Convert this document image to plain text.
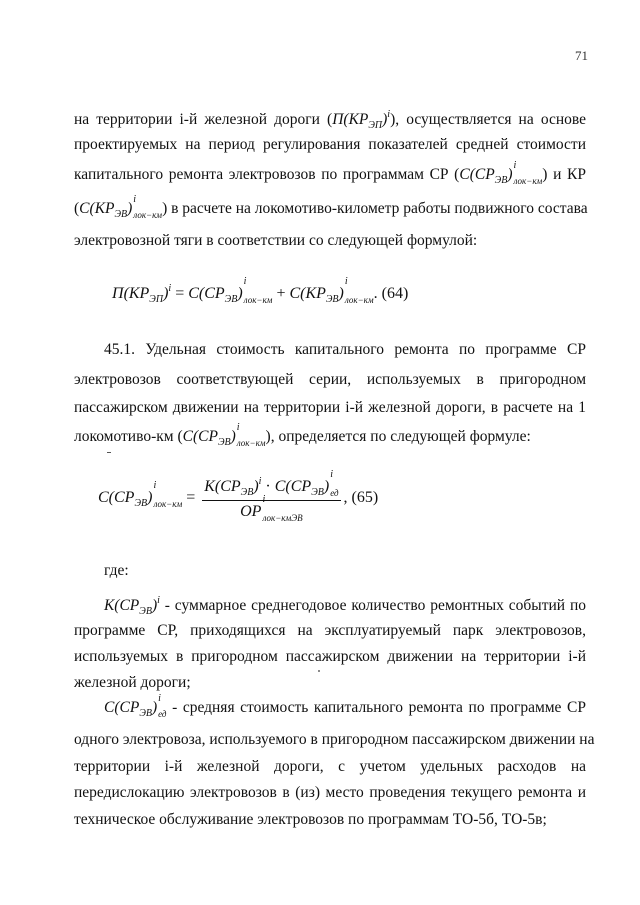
71
на территории i-й железной дороги $(П(КР_{ЭП})^i)$, осуществляется на основе
проектируемых на период регулирования показателей средней стоимости
капитального ремонта электровозов по программам СР ($С(СР_{ЭВ})$
i
$_{лок-км}$) и КР
($С(КР_{ЭВ})$
i
$_{лок-км}$) в расчете на локомотиво-километр работы подвижного состава
электровозной тяги в соответствии со следующей формулой:
$П(КР_{ЭП})^i = С(СР_{ЭВ})$
i
$_{лок-км} + С(КР_{ЭВ})$
i
$_{лок-км}$. (64)
45.1. Удельная стоимость капитального ремонта по программе СР
электровозов соответствующей серии, используемых в пригородном
пассажирском движении на территории i-й железной дороги, в расчете на 1
локомотиво-км ($С(СР_{ЭВ})$
i
$_{лок-км}$), определяется по следующей формуле:
$С(СР_{ЭВ})$
i
$_{лок-км} = К(СР_{ЭВ})^i \cdot С(СР_{ЭВ})$
i
$_{ед}$
ОР
i
$_{лок-кмЭВ}$ , (65)
где:
$К(СР_{ЭВ})^i$ - суммарное среднегодовое количество ремонтных событий по
программе СР, приходящихся на эксплуатируемый парк электровозов,
используемых в пригородном пассажирском движении на территории i-й
железной дороги;
$С(СР_{ЭВ})$
i
$_{ед}$ - средняя стоимость капитального ремонта по программе СР
одного электровоза, используемого в пригородном пассажирском движении на
территории i-й железной дороги, с учетом удельных расходов на
передислокацию электровозов в (из) место проведения текущего ремонта и
техническое обслуживание электровозов по программам ТО-5б, ТО-5в;
